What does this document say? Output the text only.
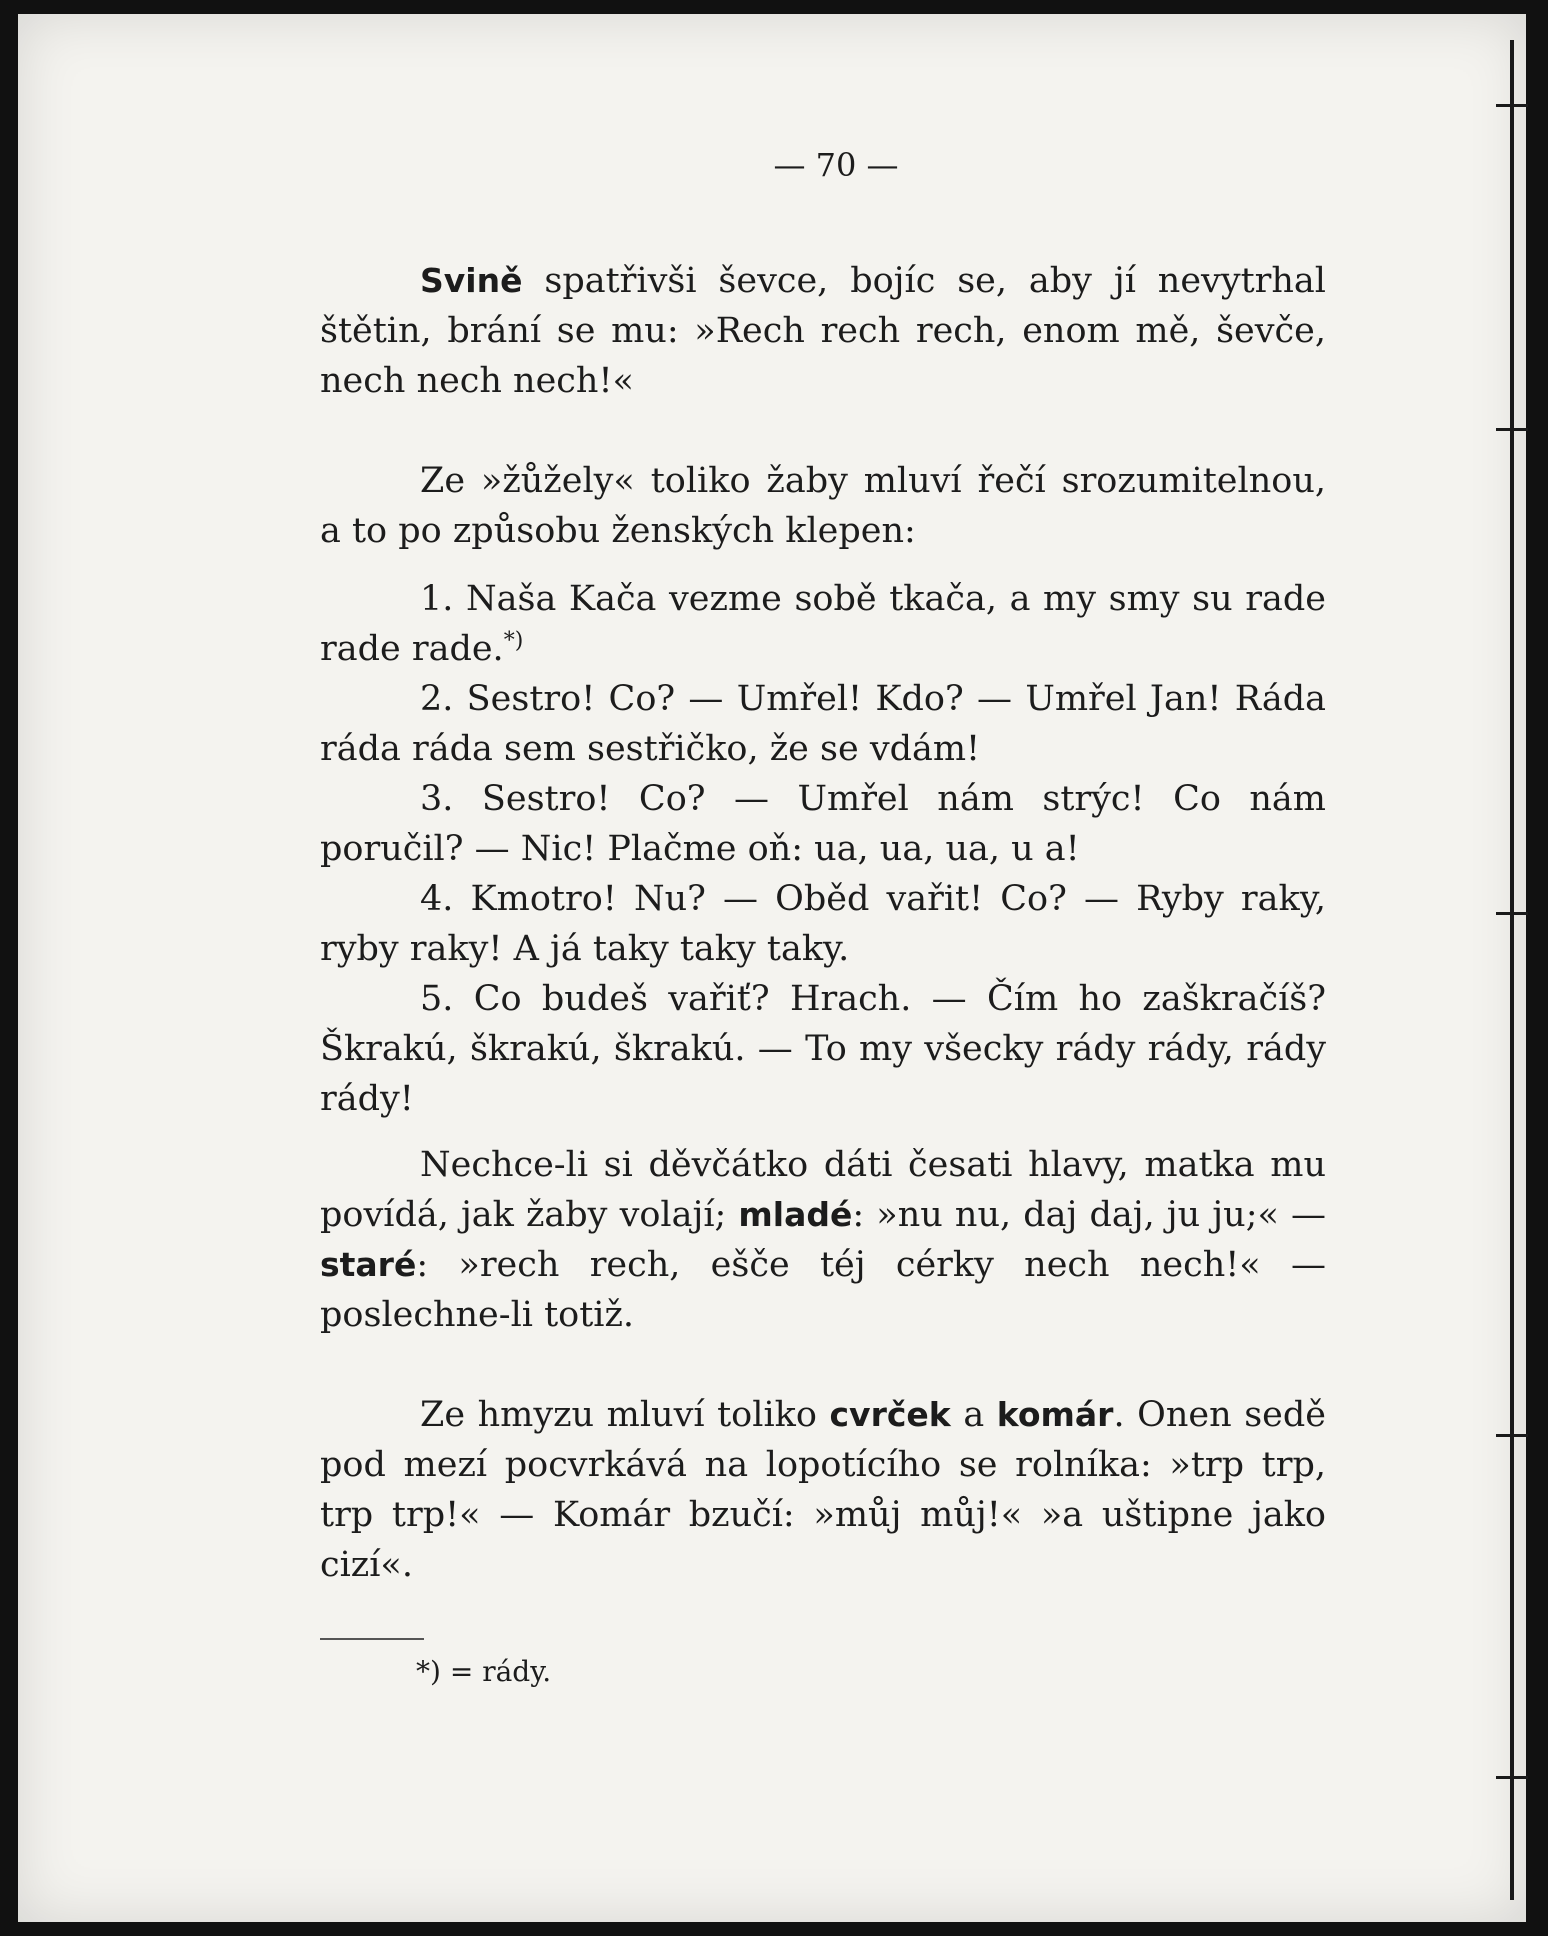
— 70 —

Svině spatřivši ševce, bojíc se, aby jí nevytrhal štětin, brání se mu: »Rech rech rech, enom mě, ševče, nech nech nech!«

Ze »žůžely« toliko žaby mluví řečí srozumitelnou, a to po způsobu ženských klepen:

1. Naša Kača vezme sobě tkača, a my smy su rade rade rade.*)

2. Sestro! Co? — Umřel! Kdo? — Umřel Jan! Ráda ráda ráda sem sestřičko, že se vdám!

3. Sestro! Co? — Umřel nám strýc! Co nám poručil? — Nic! Plačme oň: ua, ua, ua, u a!

4. Kmotro! Nu? — Oběd vařit! Co? — Ryby raky, ryby raky! A já taky taky taky.

5. Co budeš vařiť? Hrach. — Čím ho zaškračíš? Škrakú, škrakú, škrakú. — To my všecky rády rády, rády rády!

Nechce-li si děvčátko dáti česati hlavy, matka mu povídá, jak žaby volají; mladé: »nu nu, daj daj, ju ju;« — staré: »rech rech, ešče téj cérky nech nech!« — poslechne-li totiž.

Ze hmyzu mluví toliko cvrček a komár. Onen sedě pod mezí pocvrkává na lopotícího se rolníka: »trp trp, trp trp!« — Komár bzučí: »můj můj!« »a uštipne jako cizí«.

*) = rády.
